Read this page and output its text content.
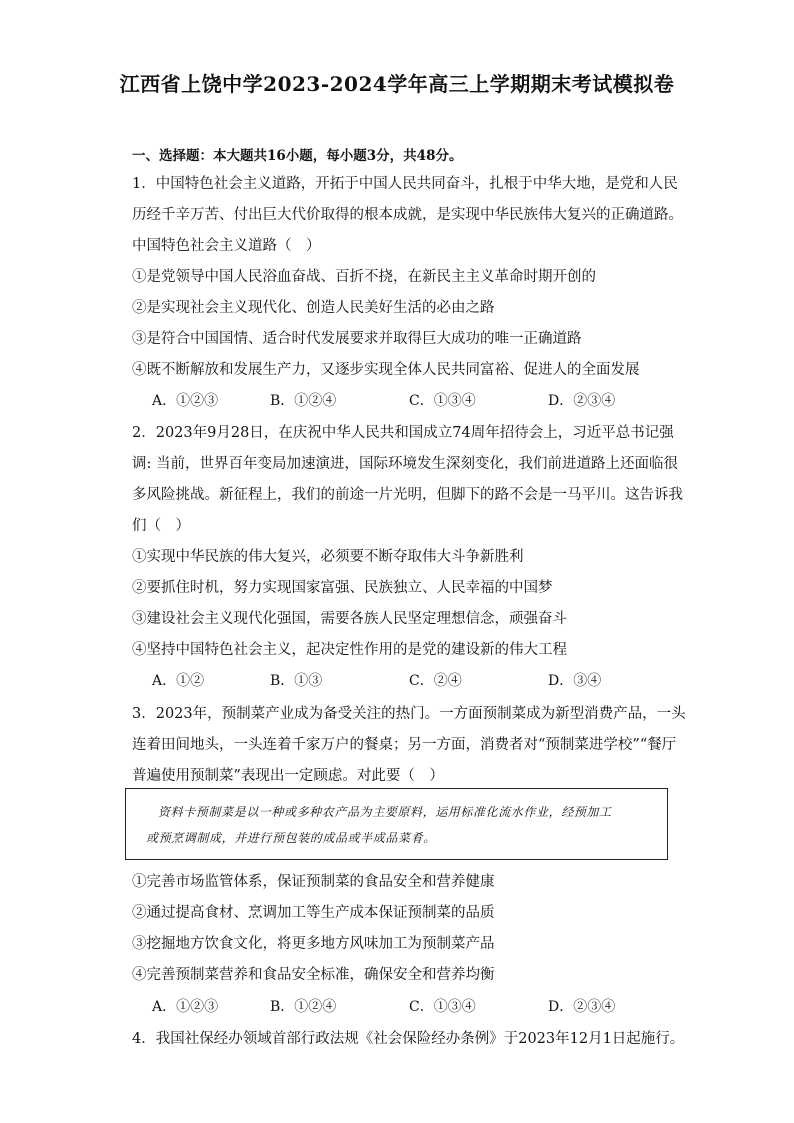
江西省上饶中学2023-2024学年高三上学期期末考试模拟卷
一、选择题：本大题共16小题，每小题3分，共48分。
1．中国特色社会主义道路，开拓于中国人民共同奋斗，扎根于中华大地，是党和人民
历经千辛万苦、付出巨大代价取得的根本成就，是实现中华民族伟大复兴的正确道路。
中国特色社会主义道路（　）
①是党领导中国人民浴血奋战、百折不挠，在新民主主义革命时期开创的
②是实现社会主义现代化、创造人民美好生活的必由之路
③是符合中国国情、适合时代发展要求并取得巨大成功的唯一正确道路
④既不断解放和发展生产力，又逐步实现全体人民共同富裕、促进人的全面发展
A．①②③	B．①②④	C．①③④	D．②③④
2．2023年9月28日，在庆祝中华人民共和国成立74周年招待会上，习近平总书记强
调: 当前，世界百年变局加速演进，国际环境发生深刻变化，我们前进道路上还面临很
多风险挑战。新征程上，我们的前途一片光明，但脚下的路不会是一马平川。这告诉我
们（　）
①实现中华民族的伟大复兴，必须要不断夺取伟大斗争新胜利
②要抓住时机，努力实现国家富强、民族独立、人民幸福的中国梦
③建设社会主义现代化强国，需要各族人民坚定理想信念，顽强奋斗
④坚持中国特色社会主义，起决定性作用的是党的建设新的伟大工程
A．①②	B．①③	C．②④	D．③④
3．2023年，预制菜产业成为备受关注的热门。一方面预制菜成为新型消费产品，一头
连着田间地头，一头连着千家万户的餐桌；另一方面，消费者对“预制菜进学校”“餐厅
普遍使用预制菜”表现出一定顾虑。对此要（　）
资料卡预制菜是以一种或多种农产品为主要原料，运用标准化流水作业，经预加工
或预烹调制成，并进行预包装的成品或半成品菜肴。
①完善市场监管体系，保证预制菜的食品安全和营养健康
②通过提高食材、烹调加工等生产成本保证预制菜的品质
③挖掘地方饮食文化，将更多地方风味加工为预制菜产品
④完善预制菜营养和食品安全标准，确保安全和营养均衡
A．①②③	B．①②④	C．①③④	D．②③④
4．我国社保经办领域首部行政法规《社会保险经办条例》于2023年12月1日起施行。
